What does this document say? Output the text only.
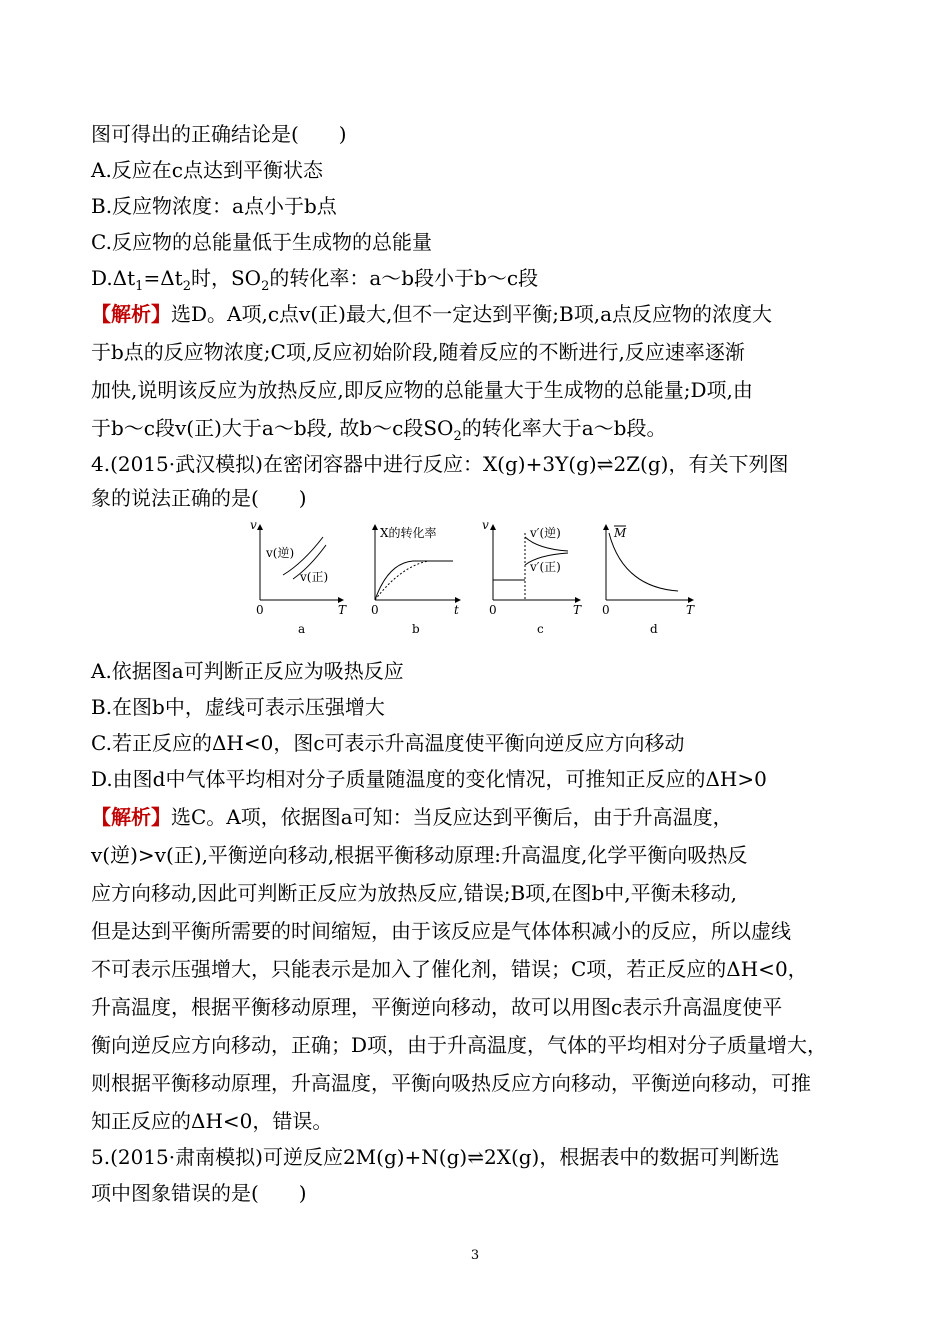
图可得出的正确结论是(　　)
A.反应在c点达到平衡状态
B.反应物浓度：a点小于b点
C.反应物的总能量低于生成物的总能量
$D.\Delta t_1=\Delta t_2$时，$SO_2$的转化率：a～b段小于b～c段
【解析】选D。A项,c点v(正)最大,但不一定达到平衡;B项,a点反应物的浓度大
于b点的反应物浓度;C项,反应初始阶段,随着反应的不断进行,反应速率逐渐
加快,说明该反应为放热反应,即反应物的总能量大于生成物的总能量;D项,由
于b～c段v(正)大于a～b段, 故b～c段$SO_2$的转化率大于a～b段。
4.(2015·武汉模拟)在密闭容器中进行反应：X(g)+3Y(g)⇌2Z(g)，有关下列图
象的说法正确的是(　　)
v
T
0
v(逆)
v(正)
a
X的转化率
t
0
b
v
T
0
v′(逆)
v′(正)
c
M
T
0
d
A.依据图a可判断正反应为吸热反应
B.在图b中，虚线可表示压强增大
C.若正反应的ΔH<0，图c可表示升高温度使平衡向逆反应方向移动
D.由图d中气体平均相对分子质量随温度的变化情况，可推知正反应的ΔH>0
【解析】选C。A项，依据图a可知：当反应达到平衡后，由于升高温度，
v(逆)>v(正),平衡逆向移动,根据平衡移动原理:升高温度,化学平衡向吸热反
应方向移动,因此可判断正反应为放热反应,错误;B项,在图b中,平衡未移动,
但是达到平衡所需要的时间缩短，由于该反应是气体体积减小的反应，所以虚线
不可表示压强增大，只能表示是加入了催化剂，错误；C项，若正反应的ΔH<0，
升高温度，根据平衡移动原理，平衡逆向移动，故可以用图c表示升高温度使平
衡向逆反应方向移动，正确；D项，由于升高温度，气体的平均相对分子质量增大，
则根据平衡移动原理，升高温度，平衡向吸热反应方向移动，平衡逆向移动，可推
知正反应的ΔH<0，错误。
5.(2015·肃南模拟)可逆反应2M(g)+N(g)⇌2X(g)，根据表中的数据可判断选
项中图象错误的是(　　)
3
